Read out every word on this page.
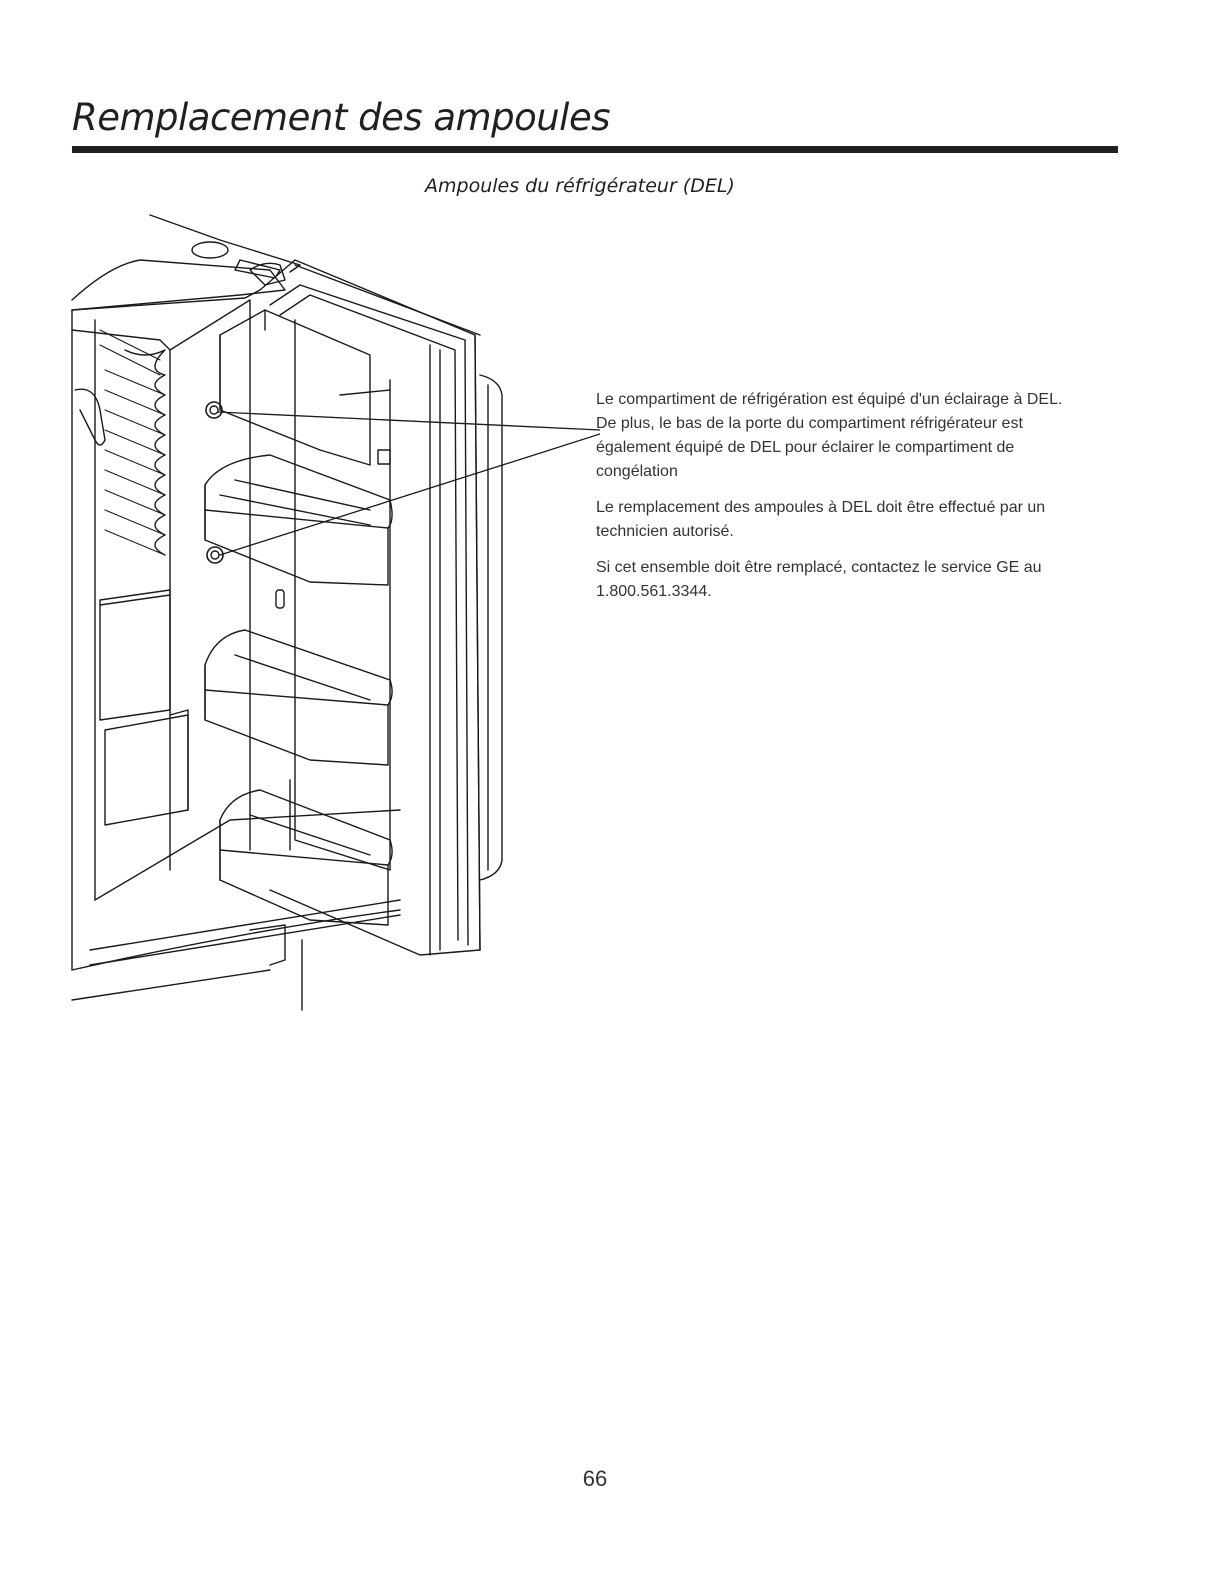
Remplacement des ampoules
Ampoules du réfrigérateur (DEL)

Le compartiment de réfrigération est équipé d'un éclairage à DEL. De plus, le bas de la porte du compartiment réfrigérateur est également équipé de DEL pour éclairer le compartiment de congélation

Le remplacement des ampoules à DEL doit être effectué par un technicien autorisé.

Si cet ensemble doit être remplacé, contactez le service GE au 1.800.561.3344.

66
